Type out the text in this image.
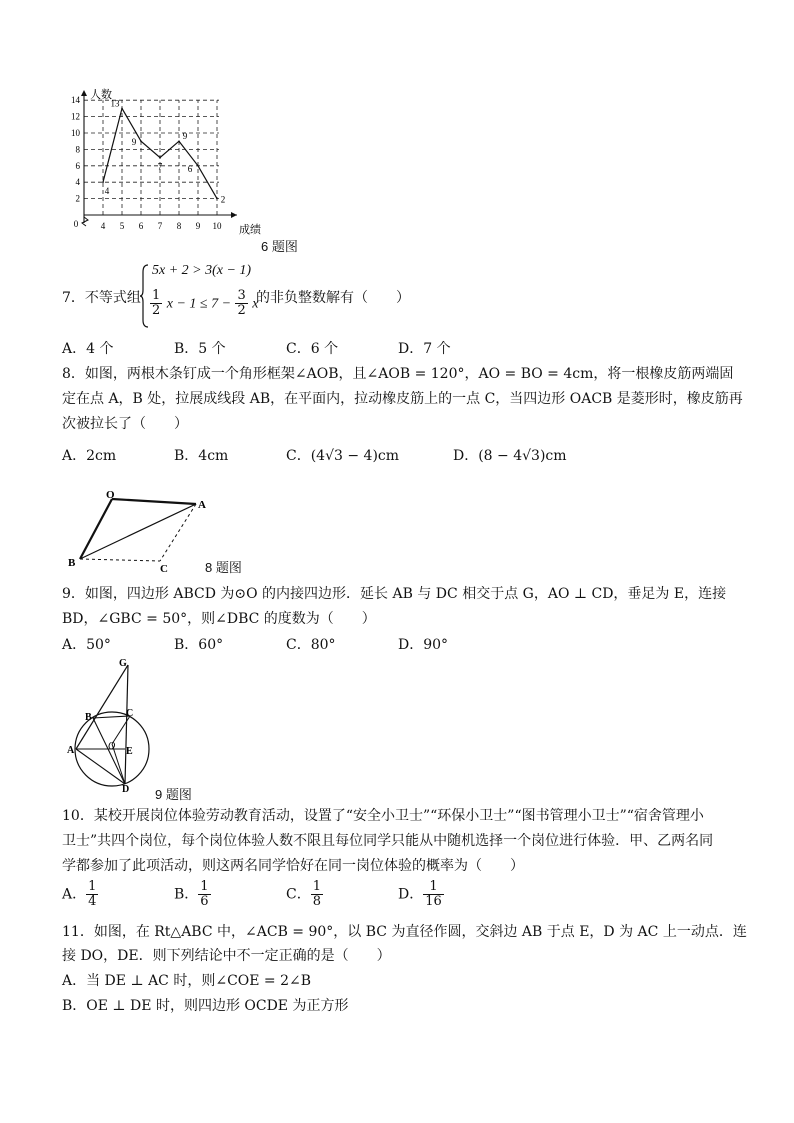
2
4
6
8
10
12
14
4 5 6 7 8 9 10
人数
成绩
0
4
13
9
7
9
6
2
6 题图
7．不等式组
5x + 2 > 3(x − 1)
$\frac{1}{2}$ $x - 1 \le 7 - \frac{3}{2}$ x
的非负整数解有（　　）
A．4 个	B．5 个	C．6 个	D．7 个
8．如图，两根木条钉成一个角形框架∠AOB，且∠AOB = 120°，AO = BO = 4cm，将一根橡皮筋两端固
定在点 A，B 处，拉展成线段 AB，在平面内，拉动橡皮筋上的一点 C，当四边形 OACB 是菱形时，橡皮筋再
次被拉长了（　　）
A．2cm	B．4cm	C．(4√3 − 4)cm	D．(8 − 4√3)cm
O
A
B	C	8 题图
9．如图，四边形 ABCD 为⊙O 的内接四边形．延长 AB 与 DC 相交于点 G，AO ⊥ CD，垂足为 E，连接
BD，∠GBC = 50°，则∠DBC 的度数为（　　）
A．50°	B．60°	C．80°	D．90°
G
B	C
A	O E
D 9 题图
10．某校开展岗位体验劳动教育活动，设置了“安全小卫士”“环保小卫士”“图书管理小卫士”“宿舍管理小
卫士”共四个岗位，每个岗位体验人数不限且每位同学只能从中随机选择一个岗位进行体验．甲、乙两名同
学都参加了此项活动，则这两名同学恰好在同一岗位体验的概率为（　　）
A． $\frac{1}{4}$	B． $\frac{1}{6}$	C． $\frac{1}{8}$	D． $\frac{1}{16}$
11．如图，在 Rt△ABC 中，∠ACB = 90°，以 BC 为直径作圆，交斜边 AB 于点 E，D 为 AC 上一动点．连
接 DO，DE．则下列结论中不一定正确的是（　　）
A．当 DE ⊥ AC 时，则∠COE = 2∠B
B．OE ⊥ DE 时，则四边形 OCDE 为正方形
